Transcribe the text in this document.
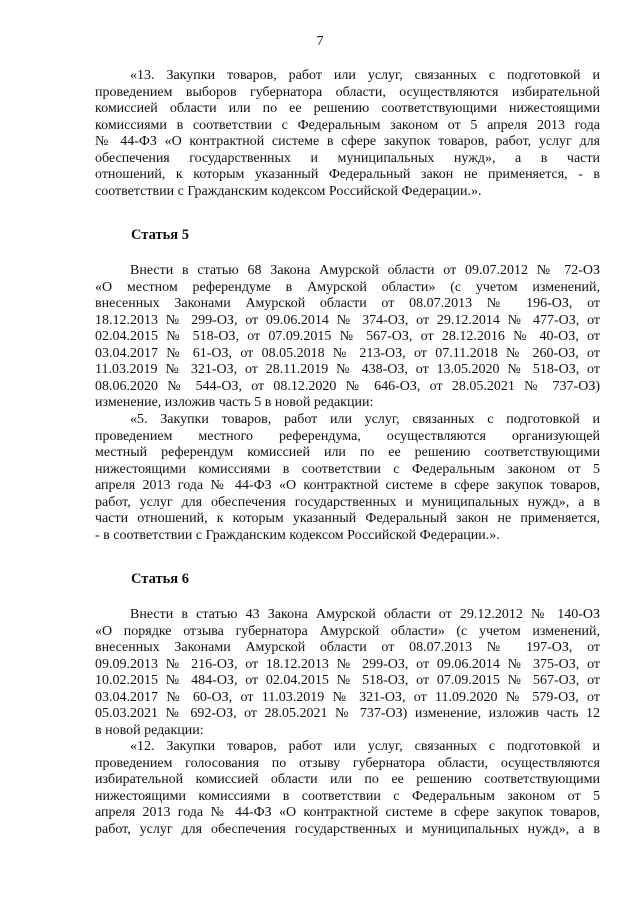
7
«13. Закупки товаров, работ или услуг, связанных с подготовкой и
проведением выборов губернатора области, осуществляются избирательной
комиссией области или по ее решению соответствующими нижестоящими
комиссиями в соответствии с Федеральным законом от 5 апреля 2013 года
№ 44-ФЗ «О контрактной системе в сфере закупок товаров, работ, услуг для
обеспечения государственных и муниципальных нужд», а в части
отношений, к которым указанный Федеральный закон не применяется, - в
соответствии с Гражданским кодексом Российской Федерации.».
Статья 5
Внести в статью 68 Закона Амурской области от 09.07.2012 № 72-ОЗ
«О местном референдуме в Амурской области» (с учетом изменений,
внесенных Законами Амурской области от 08.07.2013 № 196-ОЗ, от
18.12.2013 № 299-ОЗ, от 09.06.2014 № 374-ОЗ, от 29.12.2014 № 477-ОЗ, от
02.04.2015 № 518-ОЗ, от 07.09.2015 № 567-ОЗ, от 28.12.2016 № 40-ОЗ, от
03.04.2017 № 61-ОЗ, от 08.05.2018 № 213-ОЗ, от 07.11.2018 № 260-ОЗ, от
11.03.2019 № 321-ОЗ, от 28.11.2019 № 438-ОЗ, от 13.05.2020 № 518-ОЗ, от
08.06.2020 № 544-ОЗ, от 08.12.2020 № 646-ОЗ, от 28.05.2021 № 737-ОЗ)
изменение, изложив часть 5 в новой редакции:
«5. Закупки товаров, работ или услуг, связанных с подготовкой и
проведением местного референдума, осуществляются организующей
местный референдум комиссией или по ее решению соответствующими
нижестоящими комиссиями в соответствии с Федеральным законом от 5
апреля 2013 года № 44-ФЗ «О контрактной системе в сфере закупок товаров,
работ, услуг для обеспечения государственных и муниципальных нужд», а в
части отношений, к которым указанный Федеральный закон не применяется,
- в соответствии с Гражданским кодексом Российской Федерации.».
Статья 6
Внести в статью 43 Закона Амурской области от 29.12.2012 № 140-ОЗ
«О порядке отзыва губернатора Амурской области» (с учетом изменений,
внесенных Законами Амурской области от 08.07.2013 № 197-ОЗ, от
09.09.2013 № 216-ОЗ, от 18.12.2013 № 299-ОЗ, от 09.06.2014 № 375-ОЗ, от
10.02.2015 № 484-ОЗ, от 02.04.2015 № 518-ОЗ, от 07.09.2015 № 567-ОЗ, от
03.04.2017 № 60-ОЗ, от 11.03.2019 № 321-ОЗ, от 11.09.2020 № 579-ОЗ, от
05.03.2021 № 692-ОЗ, от 28.05.2021 № 737-ОЗ) изменение, изложив часть 12
в новой редакции:
«12. Закупки товаров, работ или услуг, связанных с подготовкой и
проведением голосования по отзыву губернатора области, осуществляются
избирательной комиссией области или по ее решению соответствующими
нижестоящими комиссиями в соответствии с Федеральным законом от 5
апреля 2013 года № 44-ФЗ «О контрактной системе в сфере закупок товаров,
работ, услуг для обеспечения государственных и муниципальных нужд», а в
